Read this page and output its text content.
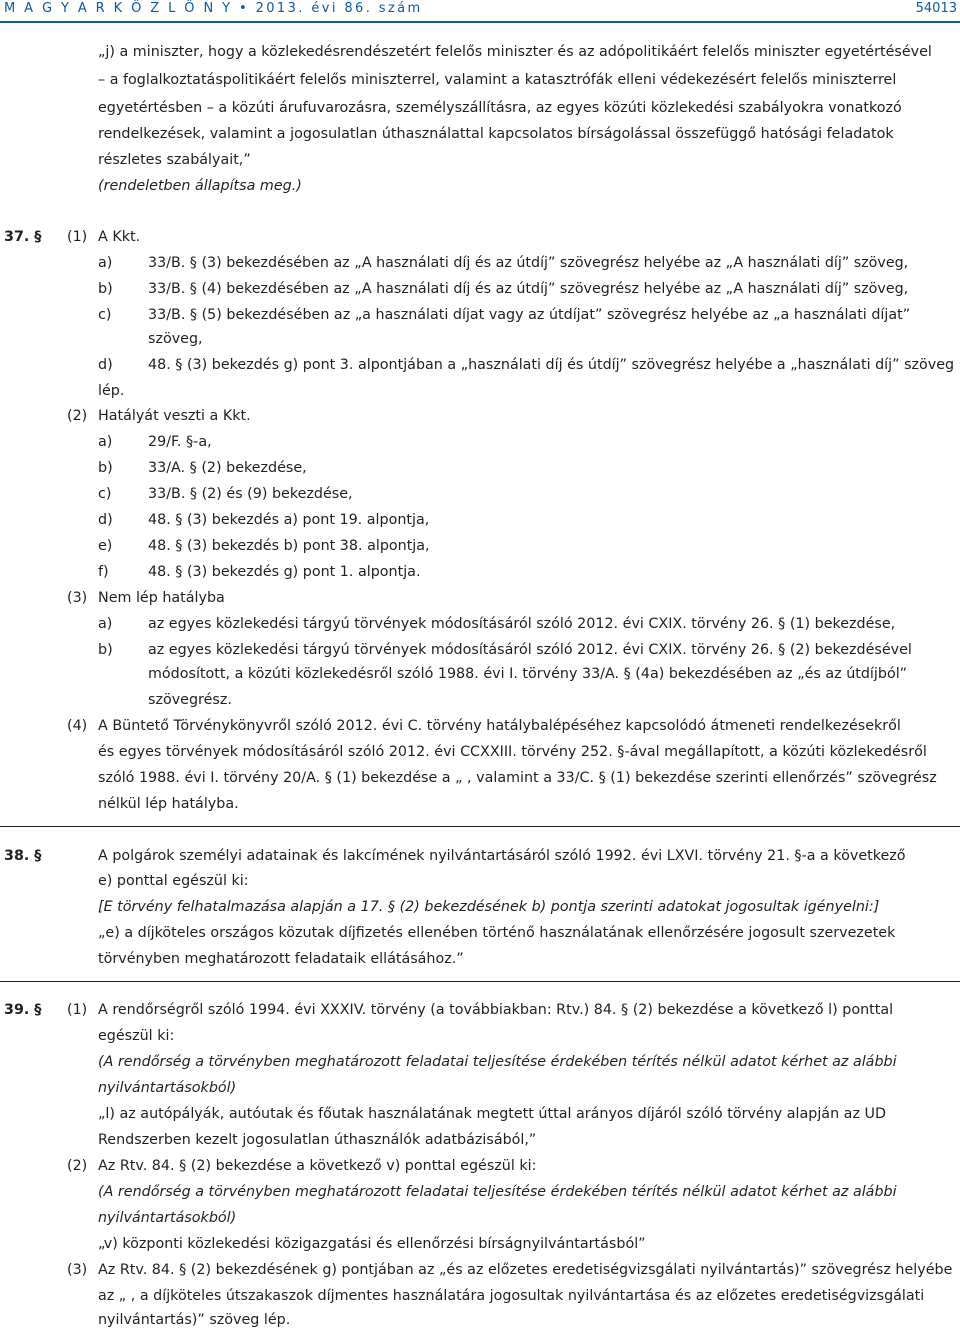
M A G Y A R K Ö Z L Ö N Y • 2013. évi 86. szám	54013
„j) a miniszter, hogy a közlekedésrendészetért felelős miniszter és az adópolitikáért felelős miniszter egyetértésével
– a foglalkoztatáspolitikáért felelős miniszterrel, valamint a katasztrófák elleni védekezésért felelős miniszterrel
egyetértésben – a közúti árufuvarozásra, személyszállításra, az egyes közúti közlekedési szabályokra vonatkozó
rendelkezések, valamint a jogosulatlan úthasználattal kapcsolatos bírságolással összefüggő hatósági feladatok
részletes szabályait,”
(rendeletben állapítsa meg.)
37. § (1) A Kkt.
a) 33/B. § (3) bekezdésében az „A használati díj és az útdíj” szövegrész helyébe az „A használati díj” szöveg,
b) 33/B. § (4) bekezdésében az „A használati díj és az útdíj” szövegrész helyébe az „A használati díj” szöveg,
c)	33/B. § (5) bekezdésében az „a használati díjat vagy az útdíjat” szövegrész helyébe az „a használati díjat”
szöveg,
d) 48. § (3) bekezdés g) pont 3. alpontjában a „használati díj és útdíj” szövegrész helyébe a „használati díj” szöveg
lép.
(2) Hatályát veszti a Kkt.
a) 29/F. §-a,
b) 33/A. § (2) bekezdése,
c)	33/B. § (2) és (9) bekezdése,
d) 48. § (3) bekezdés a) pont 19. alpontja,
e) 48. § (3) bekezdés b) pont 38. alpontja,
f)	48. § (3) bekezdés g) pont 1. alpontja.
(3) Nem lép hatályba
a) az egyes közlekedési tárgyú törvények módosításáról szóló 2012. évi CXIX. törvény 26. § (1) bekezdése,
b) az egyes közlekedési tárgyú törvények módosításáról szóló 2012. évi CXIX. törvény 26. § (2) bekezdésével
módosított, a közúti közlekedésről szóló 1988. évi I. törvény 33/A. § (4a) bekezdésében az „és az útdíjból”
szövegrész.
(4) A Büntető Törvénykönyvről szóló 2012. évi C. törvény hatálybalépéséhez kapcsolódó átmeneti rendelkezésekről
és egyes törvények módosításáról szóló 2012. évi CCXXIII. törvény 252. §-ával megállapított, a közúti közlekedésről
szóló 1988. évi I. törvény 20/A. § (1) bekezdése a „ , valamint a 33/C. § (1) bekezdése szerinti ellenőrzés” szövegrész
nélkül lép hatályba.
38. §	A polgárok személyi adatainak és lakcímének nyilvántartásáról szóló 1992. évi LXVI. törvény 21. §-a a következő
e) ponttal egészül ki:
[E törvény felhatalmazása alapján a 17. § (2) bekezdésének b) pontja szerinti adatokat jogosultak igényelni:]
„e) a díjköteles országos közutak díjfizetés ellenében történő használatának ellenőrzésére jogosult szervezetek
törvényben meghatározott feladataik ellátásához.”
39. § (1) A rendőrségről szóló 1994. évi XXXIV. törvény (a továbbiakban: Rtv.) 84. § (2) bekezdése a következő l) ponttal
egészül ki:
(A rendőrség a törvényben meghatározott feladatai teljesítése érdekében térítés nélkül adatot kérhet az alábbi
nyilvántartásokból)
„l) az autópályák, autóutak és főutak használatának megtett úttal arányos díjáról szóló törvény alapján az UD
Rendszerben kezelt jogosulatlan úthasználók adatbázisából,”
(2) Az Rtv. 84. § (2) bekezdése a következő v) ponttal egészül ki:
(A rendőrség a törvényben meghatározott feladatai teljesítése érdekében térítés nélkül adatot kérhet az alábbi
nyilvántartásokból)
„v) központi közlekedési közigazgatási és ellenőrzési bírságnyilvántartásból”
(3) Az Rtv. 84. § (2) bekezdésének g) pontjában az „és az előzetes eredetiségvizsgálati nyilvántartás)” szövegrész helyébe
az „ , a díjköteles útszakaszok díjmentes használatára jogosultak nyilvántartása és az előzetes eredetiségvizsgálati
nyilvántartás)” szöveg lép.
